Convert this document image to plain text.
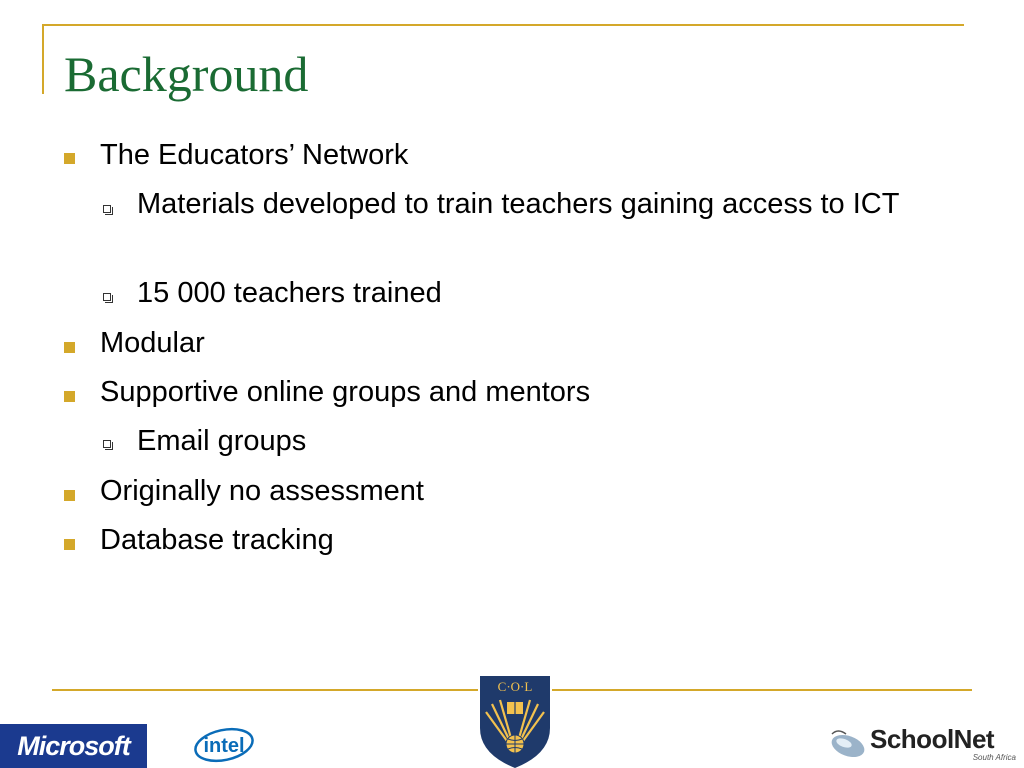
Background
The Educators’ Network
Materials developed to train teachers gaining access to ICT
15 000 teachers trained
Modular
Supportive online groups and mentors
Email groups
Originally no assessment
Database tracking
Microsoft	intel
C·O·L
SchoolNet
South Africa
